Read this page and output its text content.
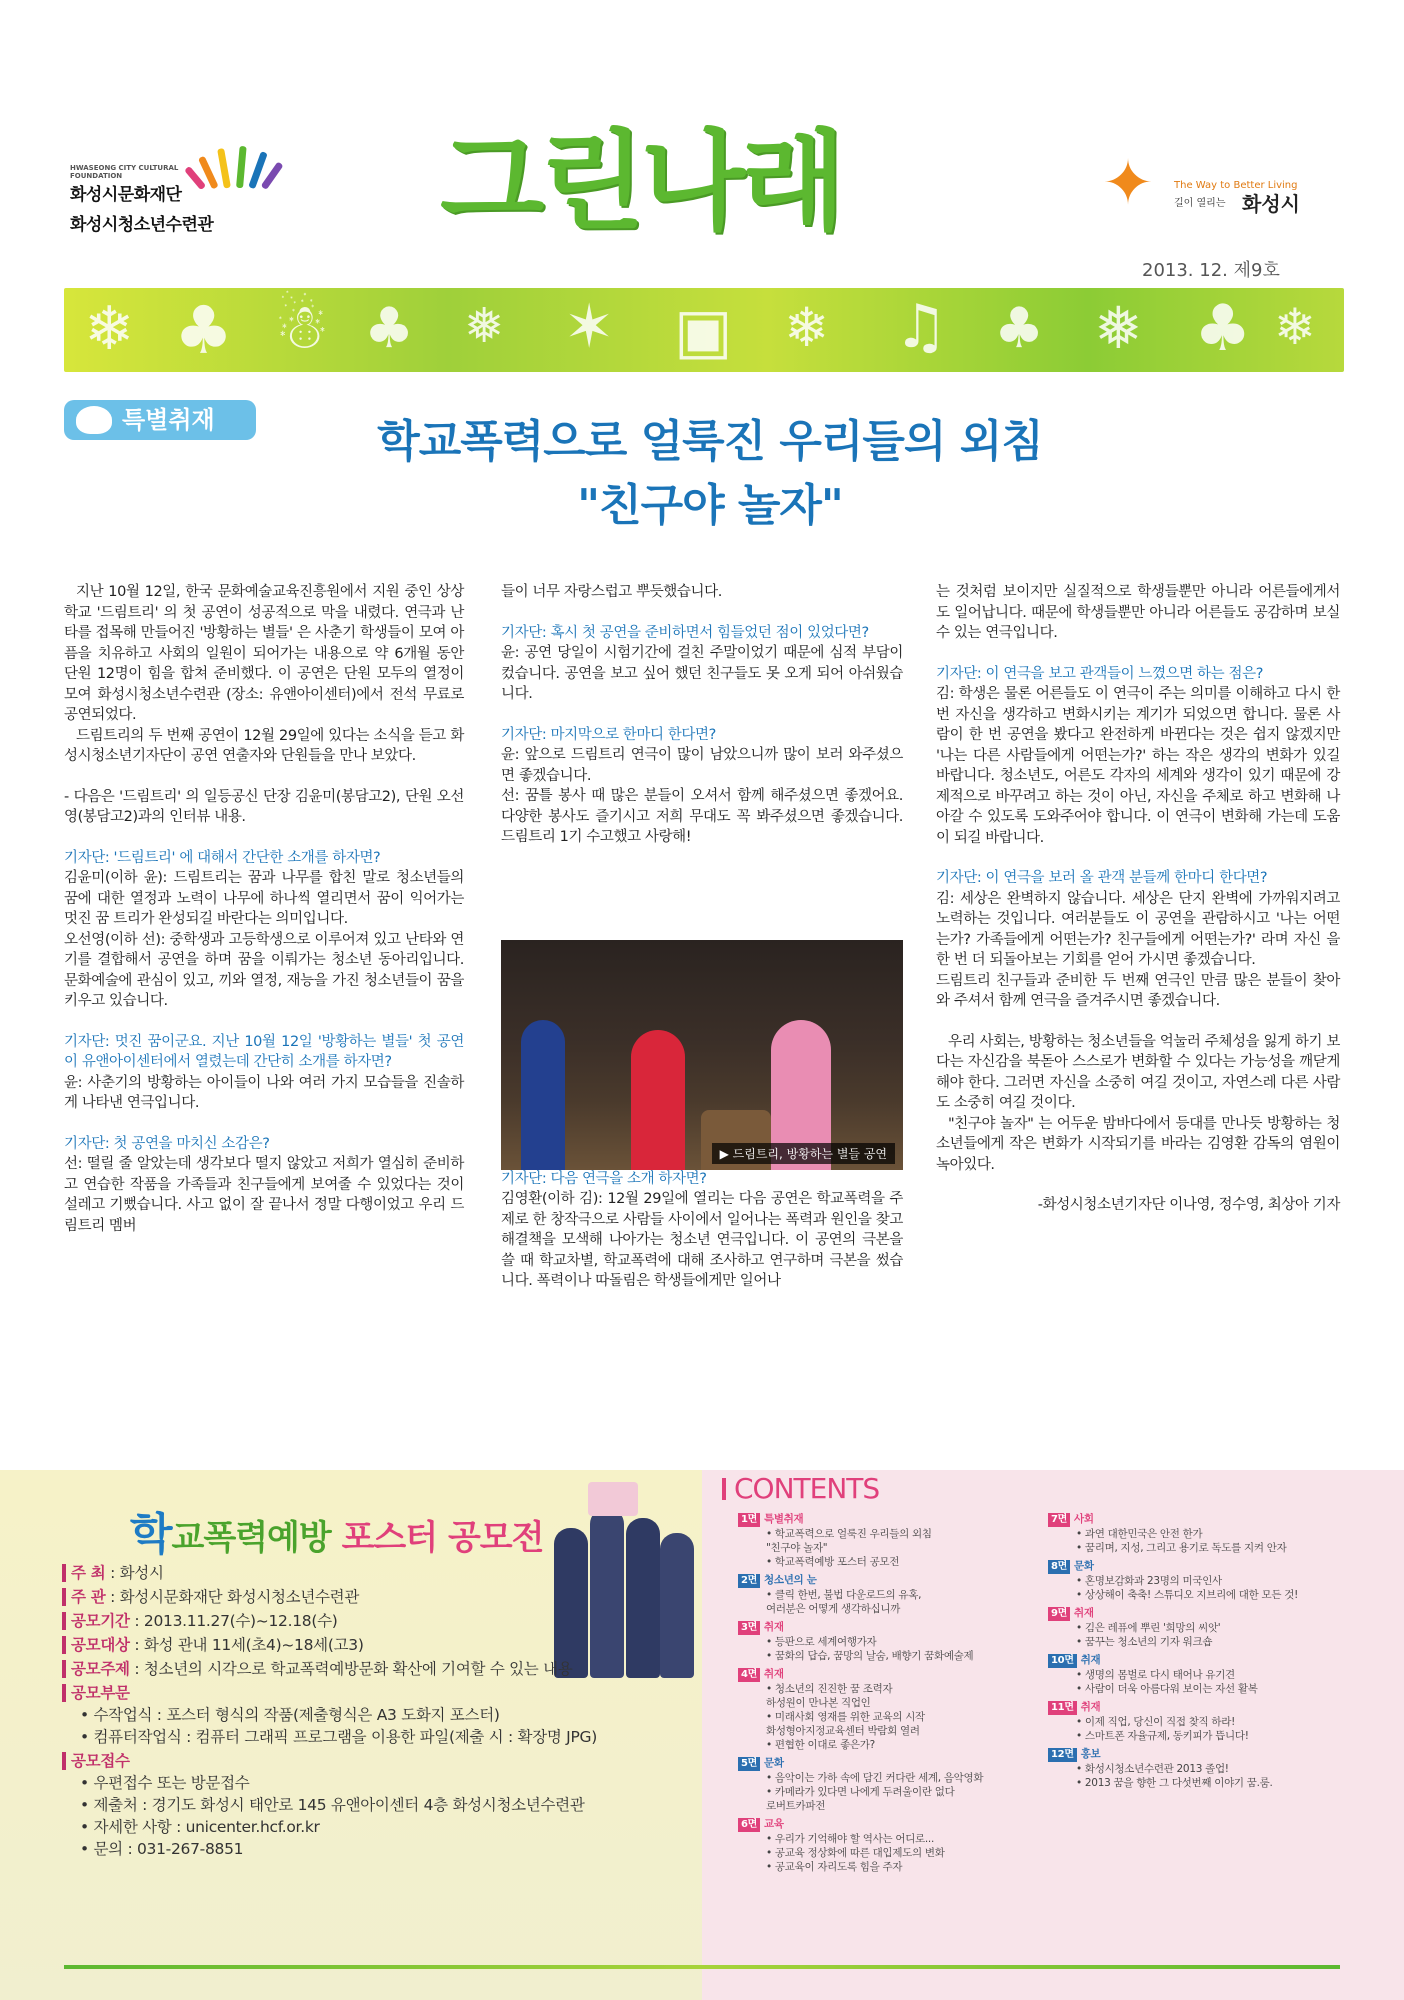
HWASEONG CITY CULTURAL FOUNDATION
화성시문화재단
화성시청소년수련관 그린나래	✦ The Way to Better Living
길이 열리는 화성시
2013. 12. 제9호
❄ ♣ ☃ ♣ ❅ ✶ ▣ ❄ ♫ ♣ ❅ ♣ ❄
특별취재	학교폭력으로 얼룩진 우리들의 외침
"친구야 놀자"

지난 10월 12일, 한국 문화예술교육진흥원에서 지원 중인 상상학교 '드림트리' 의 첫 공연이 성공적으로 막을 내렸다. 연극과 난타를 접목해 만들어진 '방황하는 별들' 은 사춘기 학생들이 모여 아픔을 치유하고 사회의 일원이 되어가는 내용으로 약 6개월 동안 단원 12명이 힘을 합쳐 준비했다. 이 공연은 단원 모두의 열정이 모여 화성시청소년수련관 (장소: 유앤아이센터)에서 전석 무료로 공연되었다.

드림트리의 두 번째 공연이 12월 29일에 있다는 소식을 듣고 화성시청소년기자단이 공연 연출자와 단원들을 만나 보았다.

- 다음은 '드림트리' 의 일등공신 단장 김윤미(봉담고2), 단원 오선영(봉담고2)과의 인터뷰 내용.

기자단: '드림트리' 에 대해서 간단한 소개를 하자면?

김윤미(이하 윤): 드림트리는 꿈과 나무를 합친 말로 청소년들의 꿈에 대한 열정과 노력이 나무에 하나씩 열리면서 꿈이 익어가는 멋진 꿈 트리가 완성되길 바란다는 의미입니다.

오선영(이하 선): 중학생과 고등학생으로 이루어져 있고 난타와 연기를 결합해서 공연을 하며 꿈을 이뤄가는 청소년 동아리입니다. 문화예술에 관심이 있고, 끼와 열정, 재능을 가진 청소년들이 꿈을 키우고 있습니다.

기자단: 멋진 꿈이군요. 지난 10월 12일 '방황하는 별들' 첫 공연이 유앤아이센터에서 열렸는데 간단히 소개를 하자면?

윤: 사춘기의 방황하는 아이들이 나와 여러 가지 모습들을 진솔하게 나타낸 연극입니다.

기자단: 첫 공연을 마치신 소감은?

선: 떨릴 줄 알았는데 생각보다 떨지 않았고 저희가 열심히 준비하고 연습한 작품을 가족들과 친구들에게 보여줄 수 있었다는 것이 설레고 기뻤습니다. 사고 없이 잘 끝나서 정말 다행이었고 우리 드림트리 멤버

들이 너무 자랑스럽고 뿌듯했습니다.

기자단: 혹시 첫 공연을 준비하면서 힘들었던 점이 있었다면?

윤: 공연 당일이 시험기간에 걸친 주말이었기 때문에 심적 부담이 컸습니다. 공연을 보고 싶어 했던 친구들도 못 오게 되어 아쉬웠습니다.

기자단: 마지막으로 한마디 한다면?

윤: 앞으로 드림트리 연극이 많이 남았으니까 많이 보러 와주셨으면 좋겠습니다.

선: 꿈틀 봉사 때 많은 분들이 오셔서 함께 해주셨으면 좋겠어요. 다양한 봉사도 즐기시고 저희 무대도 꼭 봐주셨으면 좋겠습니다. 드림트리 1기 수고했고 사랑해!

기자단: 다음 연극을 소개 하자면?

김영환(이하 김): 12월 29일에 열리는 다음 공연은 학교폭력을 주제로 한 창작극으로 사람들 사이에서 일어나는 폭력과 원인을 찾고 해결책을 모색해 나아가는 청소년 연극입니다. 이 공연의 극본을 쓸 때 학교차별, 학교폭력에 대해 조사하고 연구하며 극본을 썼습니다. 폭력이나 따돌림은 학생들에게만 일어나

▶ 드림트리, 방황하는 별들 공연

는 것처럼 보이지만 실질적으로 학생들뿐만 아니라 어른들에게서도 일어납니다. 때문에 학생들뿐만 아니라 어른들도 공감하며 보실 수 있는 연극입니다.

기자단: 이 연극을 보고 관객들이 느꼈으면 하는 점은?

김: 학생은 물론 어른들도 이 연극이 주는 의미를 이해하고 다시 한 번 자신을 생각하고 변화시키는 계기가 되었으면 합니다. 물론 사람이 한 번 공연을 봤다고 완전하게 바뀐다는 것은 쉽지 않겠지만 '나는 다른 사람들에게 어떤는가?' 하는 작은 생각의 변화가 있길 바랍니다. 청소년도, 어른도 각자의 세계와 생각이 있기 때문에 강제적으로 바꾸려고 하는 것이 아닌, 자신을 주체로 하고 변화해 나아갈 수 있도록 도와주어야 합니다. 이 연극이 변화해 가는데 도움이 되길 바랍니다.

기자단: 이 연극을 보러 올 관객 분들께 한마디 한다면?

김: 세상은 완벽하지 않습니다. 세상은 단지 완벽에 가까워지려고 노력하는 것입니다. 여러분들도 이 공연을 관람하시고 '나는 어떤는가? 가족들에게 어떤는가? 친구들에게 어떤는가?' 라며 자신 을 한 번 더 되돌아보는 기회를 얻어 가시면 좋겠습니다.

드림트리 친구들과 준비한 두 번째 연극인 만큼 많은 분들이 찾아와 주셔서 함께 연극을 즐겨주시면 좋겠습니다.

우리 사회는, 방황하는 청소년들을 억눌러 주체성을 잃게 하기 보다는 자신감을 북돋아 스스로가 변화할 수 있다는 가능성을 깨닫게 해야 한다. 그러면 자신을 소중히 여길 것이고, 자연스레 다른 사람도 소중히 여길 것이다.

"친구야 놀자" 는 어두운 밤바다에서 등대를 만나듯 방황하는 청소년들에게 작은 변화가 시작되기를 바라는 김영환 감독의 염원이 녹아있다.

-화성시청소년기자단 이나영, 정수영, 최상아 기자

학교폭력예방 포스터 공모전
주 최 : 화성시
주 관 : 화성시문화재단 화성시청소년수련관
공모기간 : 2013.11.27(수)~12.18(수)
공모대상 : 화성 관내 11세(초4)~18세(고3)
공모주제 : 청소년의 시각으로 학교폭력예방문화 확산에 기여할 수 있는 내용
공모부문
• 수작업식 : 포스터 형식의 작품(제출형식은 A3 도화지 포스터)
• 컴퓨터작업식 : 컴퓨터 그래픽 프로그램을 이용한 파일(제출 시 : 확장명 JPG)
공모접수
• 우편접수 또는 방문접수
• 제출처 : 경기도 화성시 태안로 145 유앤아이센터 4층 화성시청소년수련관
• 자세한 사항 : unicenter.hcf.or.kr
• 문의 : 031-267-8851
CONTENTS
1면 특별취재
• 학교폭력으로 얼룩진 우리들의 외침
"친구야 놀자"
• 학교폭력예방 포스터 공모전
2면 청소년의 눈
• 클릭 한번, 불법 다운로드의 유혹,
여러분은 어떻게 생각하십니까
3면 취재
• 등판으로 세계여행가자
• 꿈화의 답습, 꿈망의 날숨, 배향기 꿈화예술제
4면 취재
• 청소년의 진진한 꿈 조력자
하성원이 만나본 직업인
• 미래사회 영재를 위한 교육의 시작
화성형아지정교육센터 박람회 열려
• 편협한 이대로 좋은가?
5면 문화
• 음악이는 가하 속에 담긴 커다란 세계, 음악영화
• 카메라가 있다면 나에게 두려울이란 없다
로버트카파전
6면 교육
• 우리가 기억해야 할 역사는 어디로...
• 공교육 정상화에 따른 대입제도의 변화
• 공교육이 자리도록 힘을 주자
7면 사회
• 과연 대한민국은 안전 한가
• 꿈리며, 지성, 그리고 용기로 독도를 지켜 안자
8면 문화
• 혼명보감화과 23명의 미국인사
• 상상해이 축축! 스튜디오 지브리에 대한 모든 것!
9면 취재
• 김은 레퓨에 뿌린 '희망의 씨앗'
• 꿈꾸는 청소년의 기자 워크숍
10면 취재
• 생명의 몸벌로 다시 태어나 유기견
• 사람이 더욱 아름다워 보이는 자선 활복
11면 취재
• 이제 직업, 당신이 직접 찾직 하라!
• 스마트폰 자율규제, 동키피가 뜹니다!
12면 홍보
• 화성시청소년수련관 2013 졸업!
• 2013 꿈을 향한 그 다섯번째 이야기 꿈.룸.
